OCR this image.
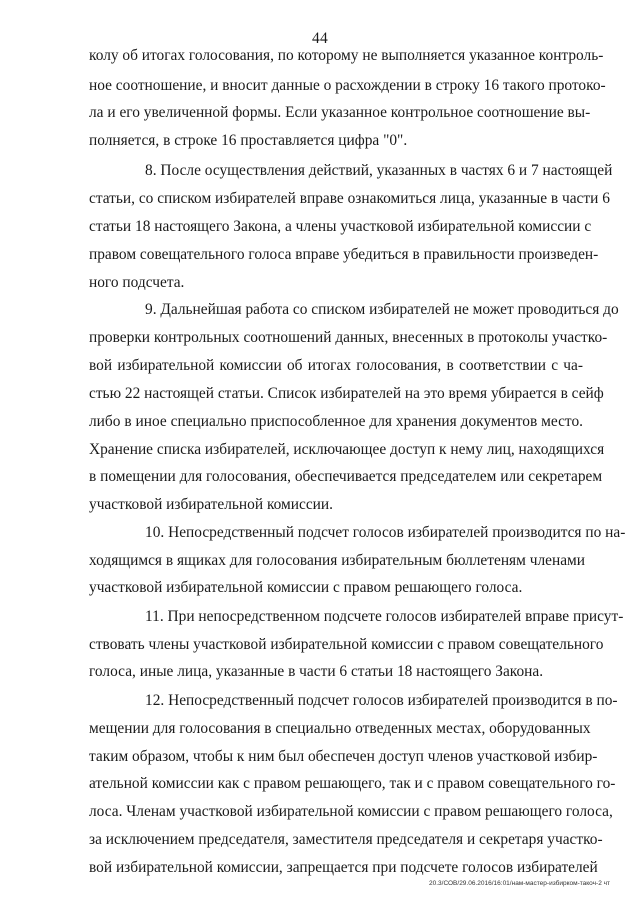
44
колу об итогах голосования, по которому не выполняется указанное контроль-
ное соотношение, и вносит данные о расхождении в строку 16 такого протоко-
ла и его увеличенной формы. Если указанное контрольное соотношение вы-
полняется, в строке 16 проставляется цифра "0".
8. После осуществления действий, указанных в частях 6 и 7 настоящей
статьи, со списком избирателей вправе ознакомиться лица, указанные в части 6
статьи 18 настоящего Закона, а члены участковой избирательной комиссии с
правом совещательного голоса вправе убедиться в правильности произведен-
ного подсчета.
9. Дальнейшая работа со списком избирателей не может проводиться до
проверки контрольных соотношений данных, внесенных в протоколы участко-
вой избирательной комиссии об итогах голосования, в соответствии с ча-
стью 22 настоящей статьи. Список избирателей на это время убирается в сейф
либо в иное специально приспособленное для хранения документов место.
Хранение списка избирателей, исключающее доступ к нему лиц, находящихся
в помещении для голосования, обеспечивается председателем или секретарем
участковой избирательной комиссии.
10. Непосредственный подсчет голосов избирателей производится по на-
ходящимся в ящиках для голосования избирательным бюллетеням членами
участковой избирательной комиссии с правом решающего голоса.
11. При непосредственном подсчете голосов избирателей вправе присут-
ствовать члены участковой избирательной комиссии с правом совещательного
голоса, иные лица, указанные в части 6 статьи 18 настоящего Закона.
12. Непосредственный подсчет голосов избирателей производится в по-
мещении для голосования в специально отведенных местах, оборудованных
таким образом, чтобы к ним был обеспечен доступ членов участковой избир-
ательной комиссии как с правом решающего, так и с правом совещательного го-
лоса. Членам участковой избирательной комиссии с правом решающего голоса,
за исключением председателя, заместителя председателя и секретаря участко-
вой избирательной комиссии, запрещается при подсчете голосов избирателей
20.3/СОВ/29.06.2016/16:01/нам-мастер-избирком-такоч-2 чт
